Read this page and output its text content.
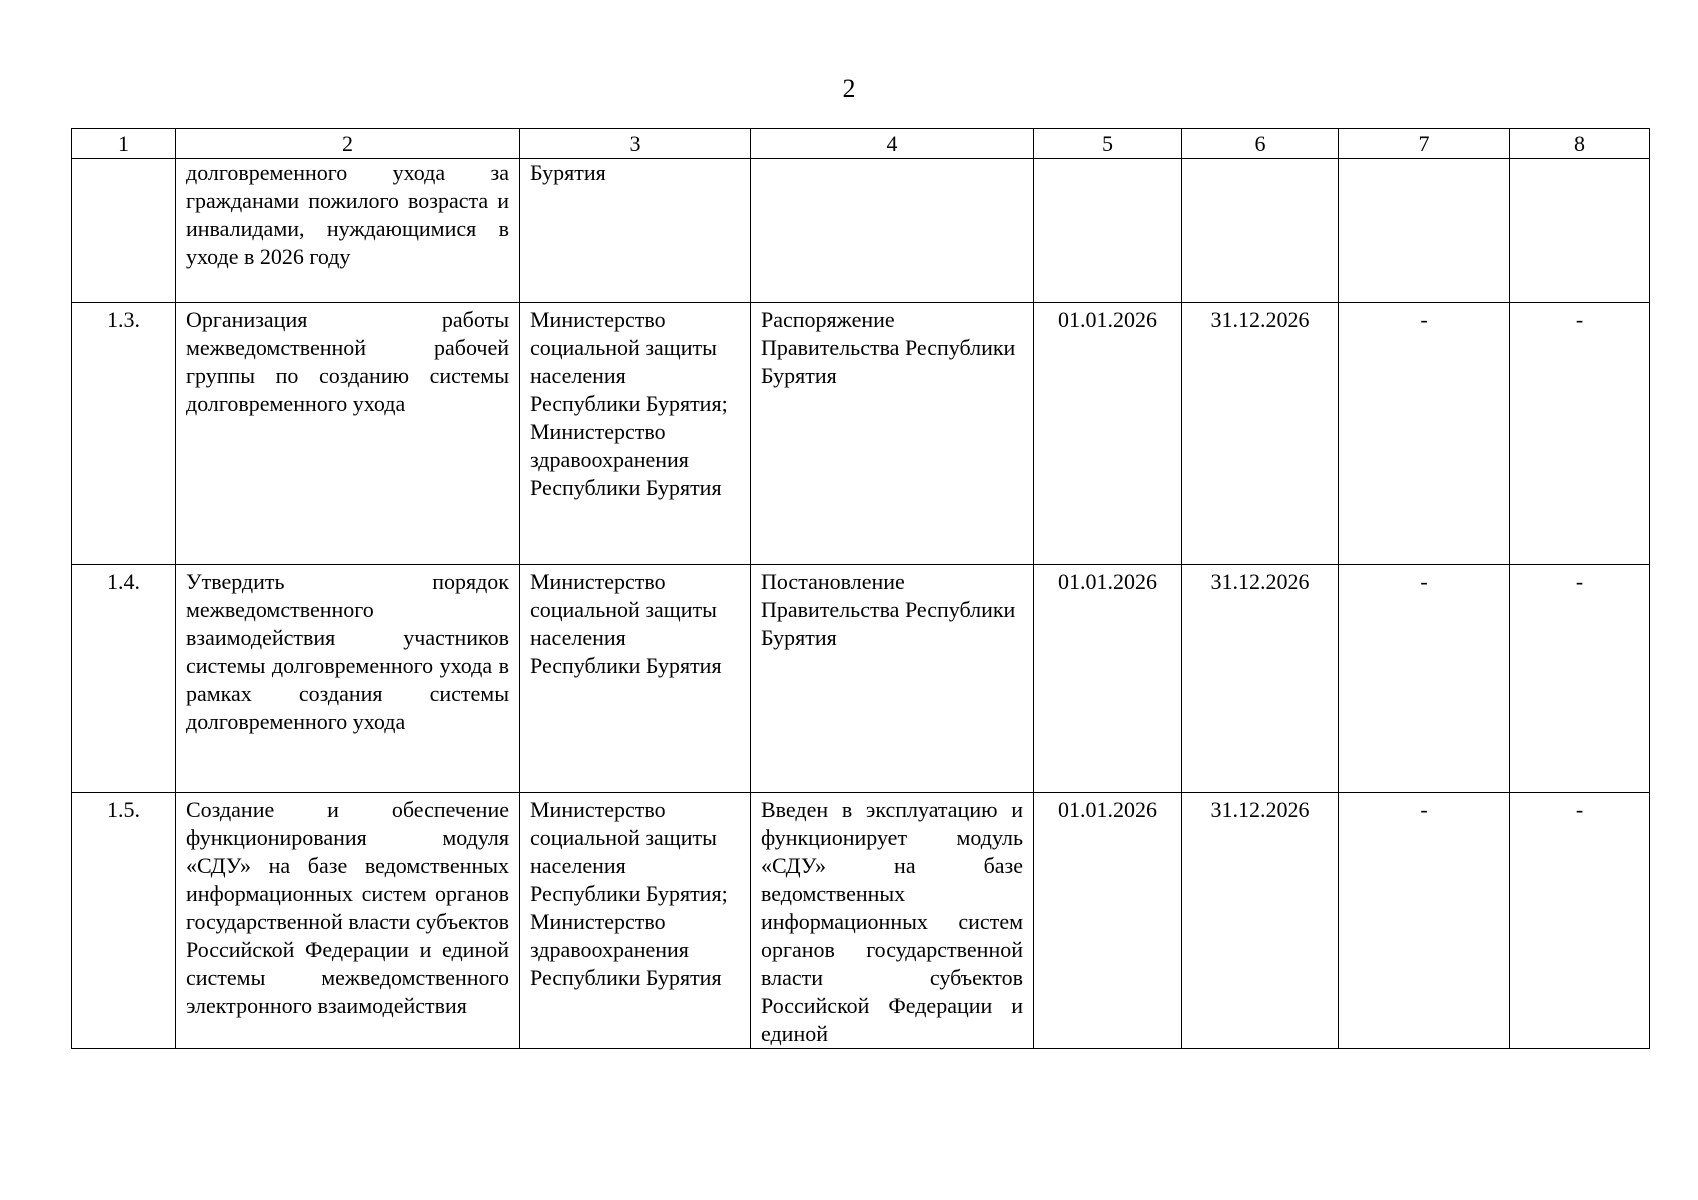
2
1	2	3	4	5	6	7	8
	долговременного ухода за гражданами пожилого возраста и инвалидами, нуждающимися в уходе в 2026 году	Бурятия					
1.3.	Организация работы межведомственной рабочей группы по созданию системы долговременного ухода	Министерство социальной защиты населения Республики Бурятия; Министерство здравоохранения Республики Бурятия	Распоряжение Правительства Республики Бурятия	01.01.2026	31.12.2026	-	-
1.4.	Утвердить порядок межведомственного взаимодействия участников системы долговременного ухода в рамках создания системы долговременного ухода	Министерство социальной защиты населения Республики Бурятия	Постановление Правительства Республики Бурятия	01.01.2026	31.12.2026	-	-
1.5.	Создание и обеспечение функционирования модуля «СДУ» на базе ведомственных информационных систем органов государственной власти субъектов Российской Федерации и единой системы межведомственного электронного взаимодействия	Министерство социальной защиты населения Республики Бурятия; Министерство здравоохранения Республики Бурятия	Введен в эксплуатацию и функционирует модуль «СДУ» на базе ведомственных информационных систем органов государственной власти субъектов Российской Федерации и единой	01.01.2026	31.12.2026	-	-
